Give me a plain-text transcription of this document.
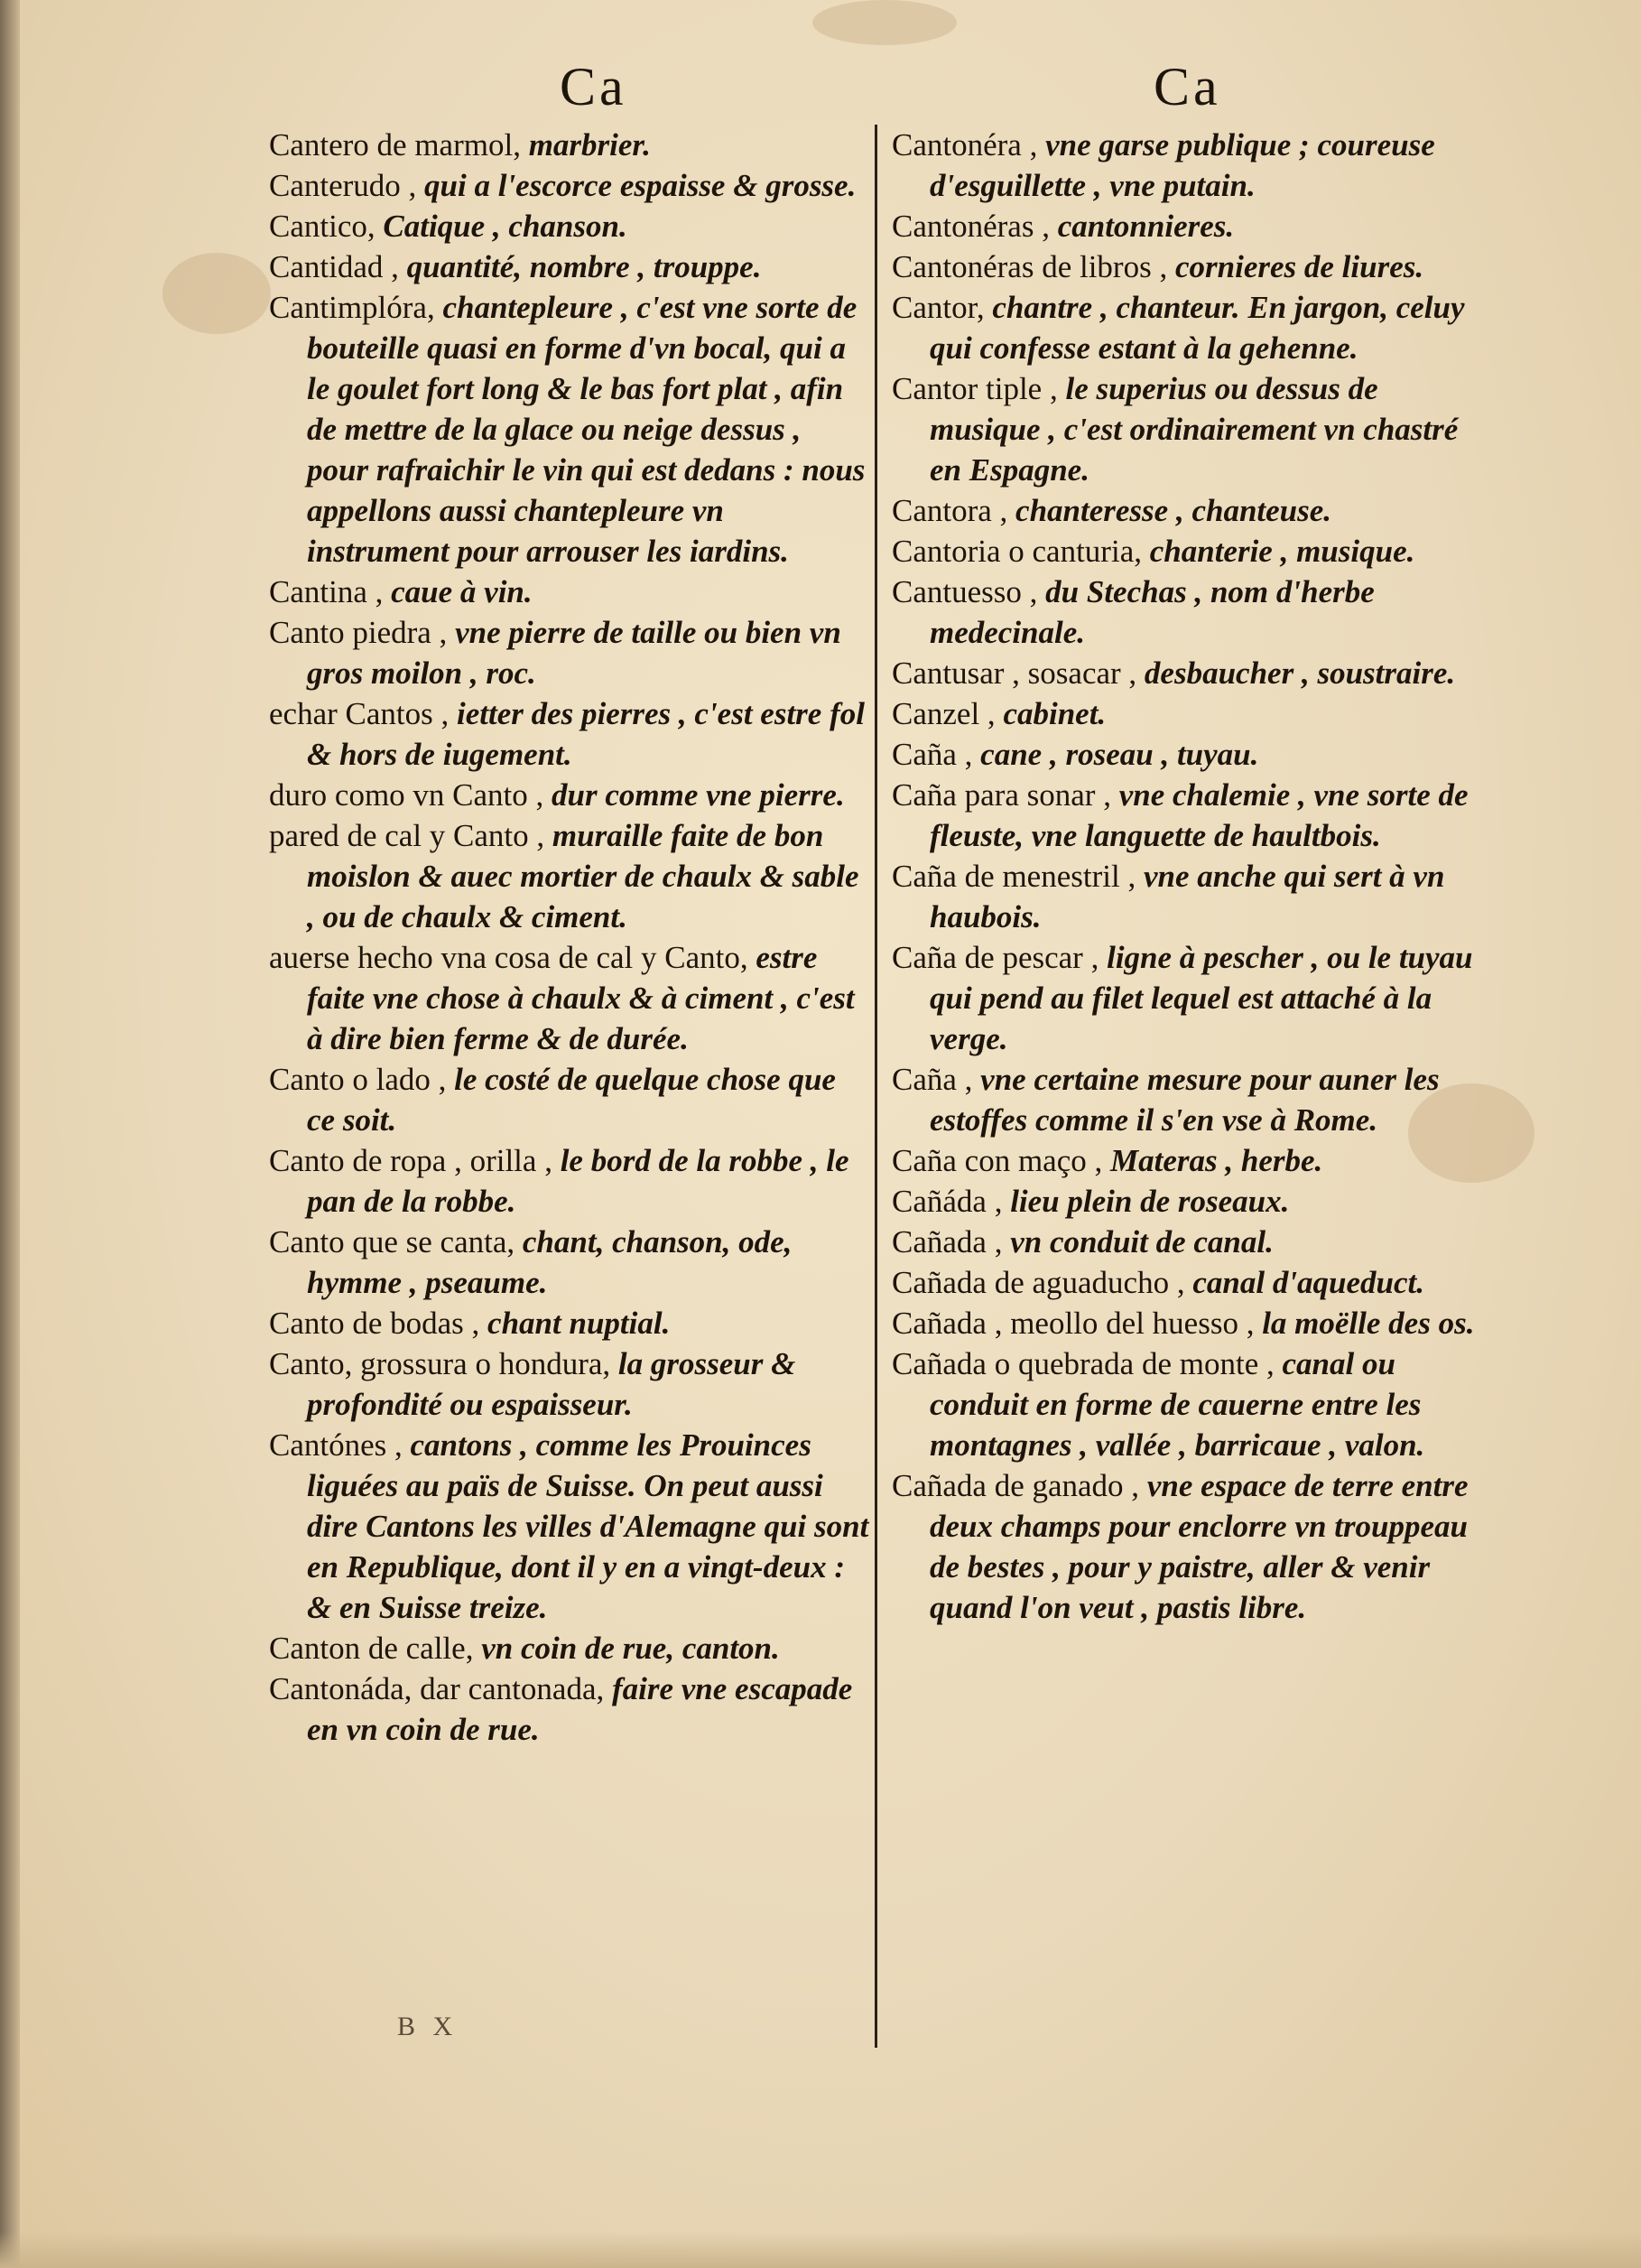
Ca	Ca
Cantero de marmol, marbrier.
Canterudo , qui a l'escorce espaisse & grosse.
Cantico, Catique , chanson.
Cantidad , quantité, nombre , trouppe.
Cantimplóra, chantepleure , c'est vne sorte de bouteille quasi en forme d'vn bocal, qui a le goulet fort long & le bas fort plat , afin de mettre de la glace ou neige dessus , pour rafraichir le vin qui est dedans : nous appellons aussi chantepleure vn instrument pour arrouser les iardins.
Cantina , caue à vin.
Canto piedra , vne pierre de taille ou bien vn gros moilon , roc.
echar Cantos , ietter des pierres , c'est estre fol & hors de iugement.
duro como vn Canto , dur comme vne pierre.
pared de cal y Canto , muraille faite de bon moislon & auec mortier de chaulx & sable , ou de chaulx & ciment.
auerse hecho vna cosa de cal y Canto, estre faite vne chose à chaulx & à ciment , c'est à dire bien ferme & de durée.
Canto o lado , le costé de quelque chose que ce soit.
Canto de ropa , orilla , le bord de la robbe , le pan de la robbe.
Canto que se canta, chant, chanson, ode, hymme , pseaume.
Canto de bodas , chant nuptial.
Canto, grossura o hondura, la grosseur & profondité ou espaisseur.
Cantónes , cantons , comme les Prouinces liguées au païs de Suisse. On peut aussi dire Cantons les villes d'Alemagne qui sont en Republique, dont il y en a vingt-deux : & en Suisse treize.
Canton de calle, vn coin de rue, canton.
Cantonáda, dar cantonada, faire vne escapade en vn coin de rue.
Cantonéra , vne garse publique ; coureuse d'esguillette , vne putain.
Cantonéras , cantonnieres.
Cantonéras de libros , cornieres de liures.
Cantor, chantre , chanteur. En jargon, celuy qui confesse estant à la gehenne.
Cantor tiple , le superius ou dessus de musique , c'est ordinairement vn chastré en Espagne.
Cantora , chanteresse , chanteuse.
Cantoria o canturia, chanterie , musique.
Cantuesso , du Stechas , nom d'herbe medecinale.
Cantusar , sosacar , desbaucher , soustraire.
Canzel , cabinet.
Caña , cane , roseau , tuyau.
Caña para sonar , vne chalemie , vne sorte de fleuste, vne languette de haultbois.
Caña de menestril , vne anche qui sert à vn haubois.
Caña de pescar , ligne à pescher , ou le tuyau qui pend au filet lequel est attaché à la verge.
Caña , vne certaine mesure pour auner les estoffes comme il s'en vse à Rome.
Caña con maço , Materas , herbe.
Cañáda , lieu plein de roseaux.
Cañada , vn conduit de canal.
Cañada de aguaducho , canal d'aqueduct.
Cañada , meollo del huesso , la moëlle des os.
Cañada o quebrada de monte , canal ou conduit en forme de cauerne entre les montagnes , vallée , barricaue , valon.
Cañada de ganado , vne espace de terre entre deux champs pour enclorre vn trouppeau de bestes , pour y paistre, aller & venir quand l'on veut , pastis libre.
B X
